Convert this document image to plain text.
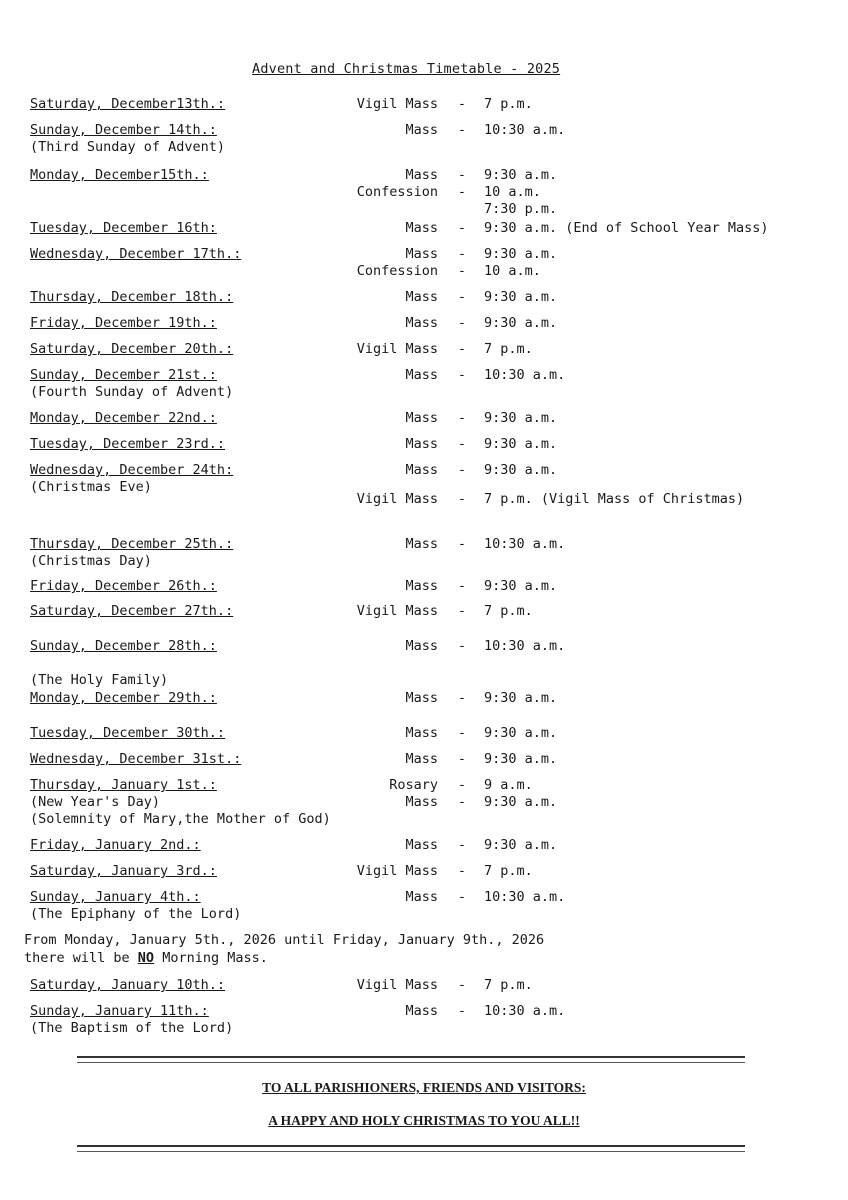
Advent and Christmas Timetable - 2025
Saturday, December13th.:	Vigil Mass - 7 p.m.
Sunday, December 14th.:
(Third Sunday of Advent)
Mass - 10:30 a.m.
Monday, December15th.:	Mass - 9:30 a.m.
Confession - 10 a.m.
7:30 p.m.
Tuesday, December 16th:	Mass - 9:30 a.m. (End of School Year Mass)
Wednesday, December 17th.:	Mass - 9:30 a.m.
Confession - 10 a.m.
Thursday, December 18th.:	Mass - 9:30 a.m.
Friday, December 19th.:	Mass - 9:30 a.m.
Saturday, December 20th.:	Vigil Mass - 7 p.m.
Sunday, December 21st.:
(Fourth Sunday of Advent)
Mass - 10:30 a.m.
Monday, December 22nd.:	Mass - 9:30 a.m.
Tuesday, December 23rd.:	Mass - 9:30 a.m.
Wednesday, December 24th:
(Christmas Eve)
Mass - 9:30 a.m.
Vigil Mass - 7 p.m. (Vigil Mass of Christmas)
Thursday, December 25th.:
(Christmas Day)
Mass - 10:30 a.m.
Friday, December 26th.:	Mass - 9:30 a.m.
Saturday, December 27th.:	Vigil Mass - 7 p.m.
Sunday, December 28th.:
(The Holy Family)
Mass - 10:30 a.m.
Monday, December 29th.:	Mass - 9:30 a.m.
Tuesday, December 30th.:	Mass - 9:30 a.m.
Wednesday, December 31st.:	Mass - 9:30 a.m.
Thursday, January 1st.:
(New Year's Day)
(Solemnity of Mary,the Mother of God)
Rosary - 9 a.m.
Mass - 9:30 a.m.
Friday, January 2nd.:	Mass - 9:30 a.m.
Saturday, January 3rd.:	Vigil Mass - 7 p.m.
Sunday, January 4th.:
(The Epiphany of the Lord)
Mass - 10:30 a.m.
Saturday, January 10th.:	Vigil Mass - 7 p.m.
Sunday, January 11th.:
(The Baptism of the Lord)
Mass - 10:30 a.m.
From Monday, January 5th., 2026 until Friday, January 9th., 2026
there will be NO Morning Mass.
TO ALL PARISHIONERS, FRIENDS AND VISITORS:
A HAPPY AND HOLY CHRISTMAS TO YOU ALL!!
